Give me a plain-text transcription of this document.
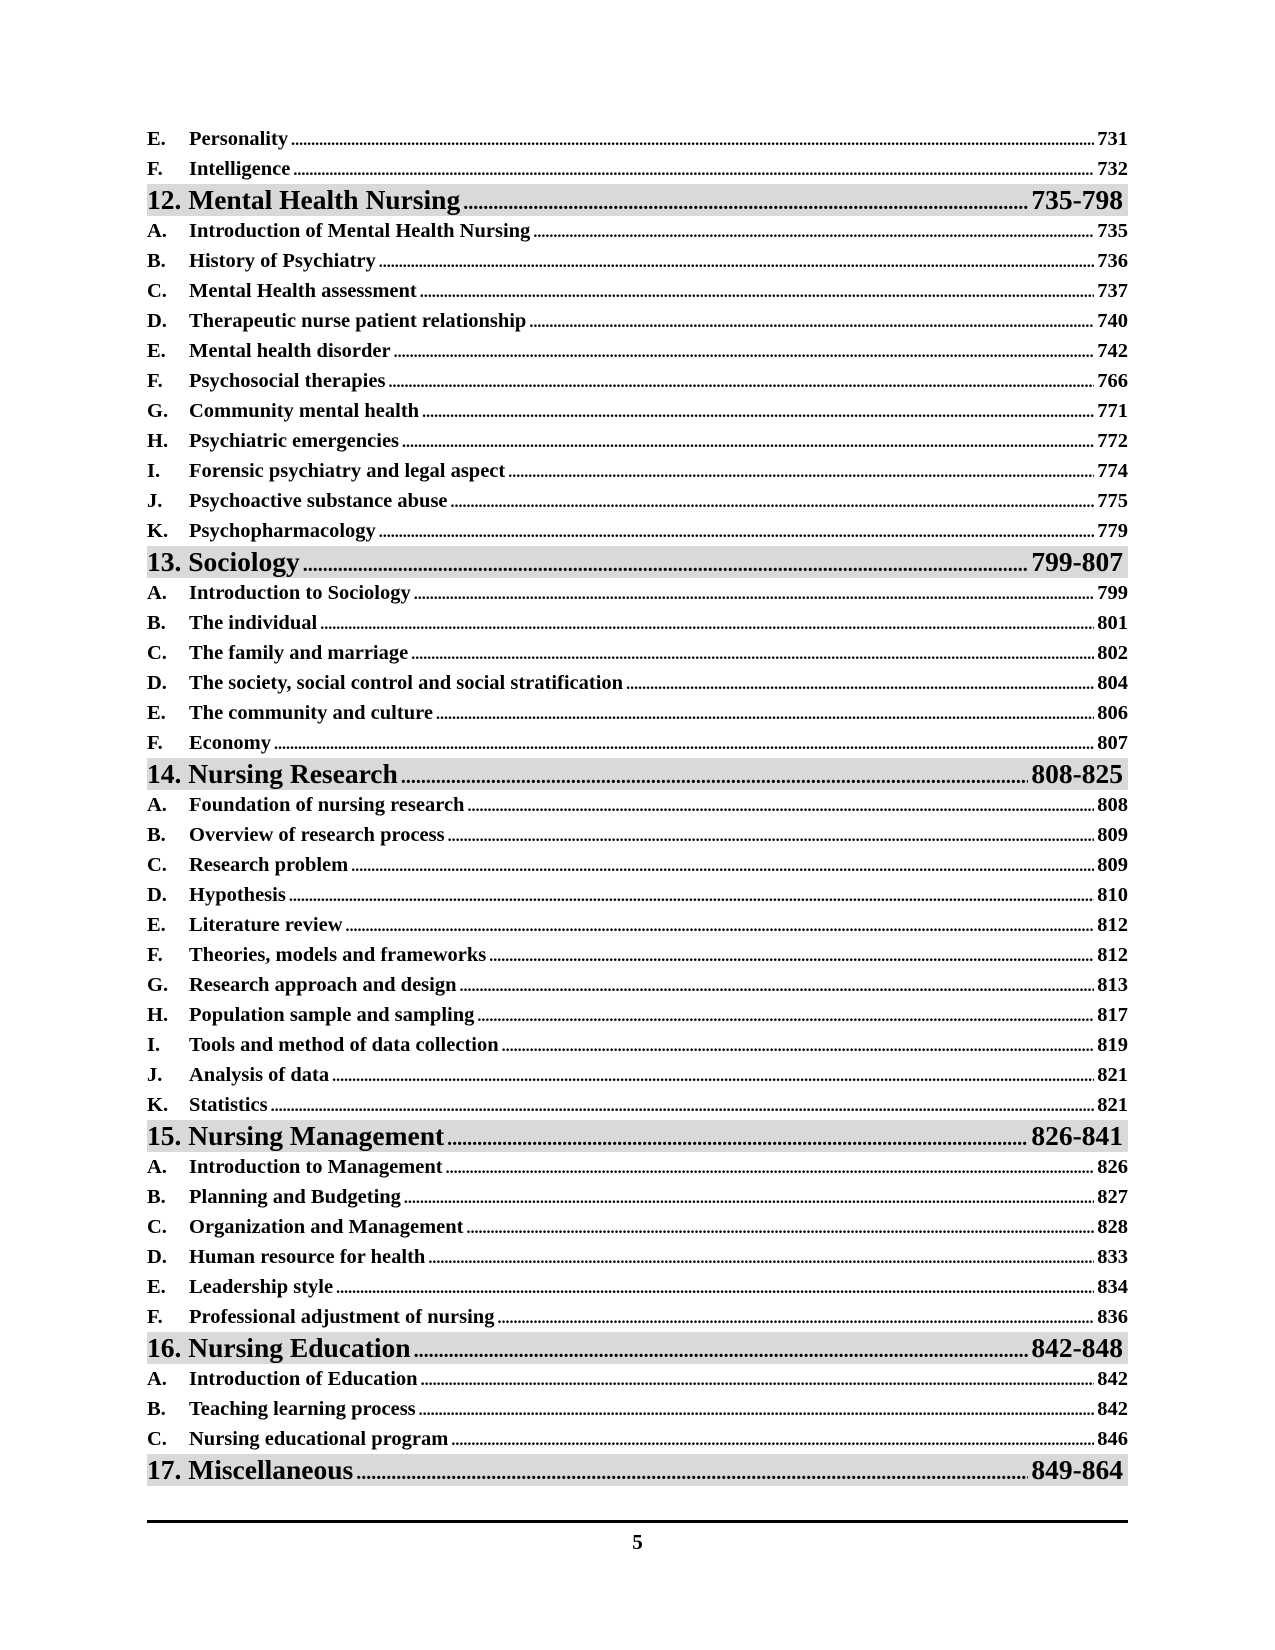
E.	Personality .....	731
F.	Intelligence .....	732
12. Mental Health Nursing .....	735-798
A.	Introduction of Mental Health Nursing .....	735
B.	History of Psychiatry .....	736
C.	Mental Health assessment .....	737
D.	Therapeutic nurse patient relationship .....	740
E.	Mental health disorder .....	742
F.	Psychosocial therapies .....	766
G.	Community mental health .....	771
H.	Psychiatric emergencies .....	772
I.	Forensic psychiatry and legal aspect .....	774
J.	Psychoactive substance abuse .....	775
K.	Psychopharmacology .....	779
13. Sociology .....	799-807
A.	Introduction to Sociology .....	799
B.	The individual .....	801
C.	The family and marriage .....	802
D.	The society, social control and social stratification .....	804
E.	The community and culture .....	806
F.	Economy .....	807
14. Nursing Research .....	808-825
A.	Foundation of nursing research .....	808
B.	Overview of research process .....	809
C.	Research problem .....	809
D.	Hypothesis .....	810
E.	Literature review .....	812
F.	Theories, models and frameworks .....	812
G.	Research approach and design .....	813
H.	Population sample and sampling .....	817
I.	Tools and method of data collection .....	819
J.	Analysis of data .....	821
K.	Statistics .....	821
15. Nursing Management .....	826-841
A.	Introduction to Management .....	826
B.	Planning and Budgeting .....	827
C.	Organization and Management .....	828
D.	Human resource for health .....	833
E.	Leadership style .....	834
F.	Professional adjustment of nursing .....	836
16. Nursing Education .....	842-848
A.	Introduction of Education .....	842
B.	Teaching learning process .....	842
C.	Nursing educational program .....	846
17. Miscellaneous .....	849-864
5
